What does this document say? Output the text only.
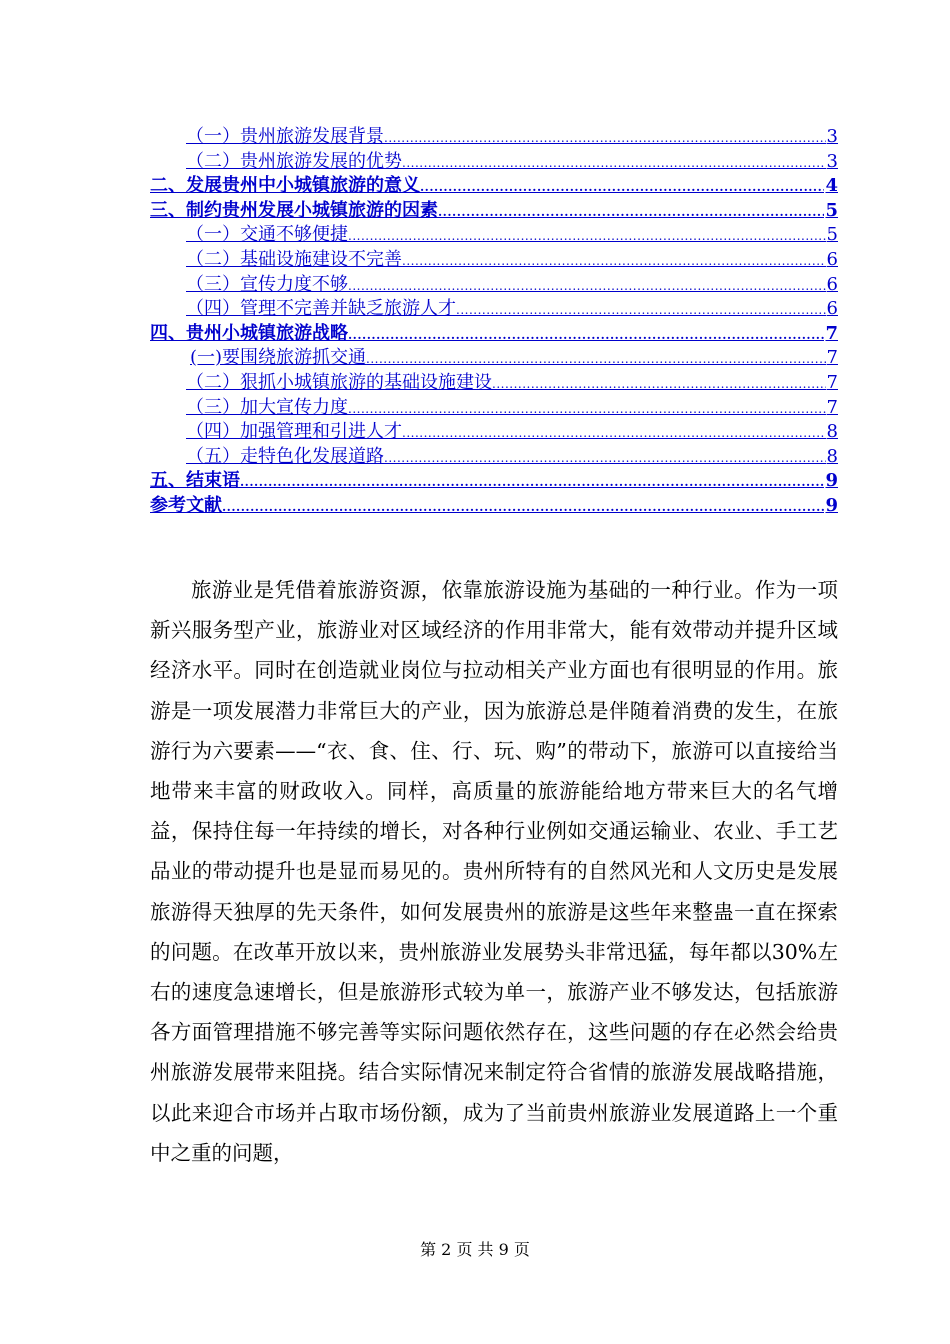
（一）贵州旅游发展背景 .....	3
（二）贵州旅游发展的优势 .....	3
二、发展贵州中小城镇旅游的意义 .....	4
三、制约贵州发展小城镇旅游的因素 .....	5
（一）交通不够便捷 .....	5
（二）基础设施建设不完善 .....	6
（三）宣传力度不够 .....	6
（四）管理不完善并缺乏旅游人才 .....	6
四、贵州小城镇旅游战略 .....	7
(一)要围绕旅游抓交通 .....	7
（二）狠抓小城镇旅游的基础设施建设 .....	7
（三）加大宣传力度 .....	7
（四）加强管理和引进人才 .....	8
（五）走特色化发展道路 .....	8
五、结束语 .....	9
参考文献 .....	9

旅游业是凭借着旅游资源，依靠旅游设施为基础的一种行业。作为一项新兴服务型产业，旅游业对区域经济的作用非常大，能有效带动并提升区域经济水平。同时在创造就业岗位与拉动相关产业方面也有很明显的作用。旅游是一项发展潜力非常巨大的产业，因为旅游总是伴随着消费的发生，在旅游行为六要素——“衣、食、住、行、玩、购”的带动下，旅游可以直接给当地带来丰富的财政收入。同样，高质量的旅游能给地方带来巨大的名气增益，保持住每一年持续的增长，对各种行业例如交通运输业、农业、手工艺品业的带动提升也是显而易见的。贵州所特有的自然风光和人文历史是发展旅游得天独厚的先天条件，如何发展贵州的旅游是这些年来整蛊一直在探索的问题。在改革开放以来，贵州旅游业发展势头非常迅猛，每年都以30%左右的速度急速增长，但是旅游形式较为单一，旅游产业不够发达，包括旅游各方面管理措施不够完善等实际问题依然存在，这些问题的存在必然会给贵州旅游发展带来阻挠。结合实际情况来制定符合省情的旅游发展战略措施，以此来迎合市场并占取市场份额，成为了当前贵州旅游业发展道路上一个重中之重的问题，

第 2 页 共 9 页
